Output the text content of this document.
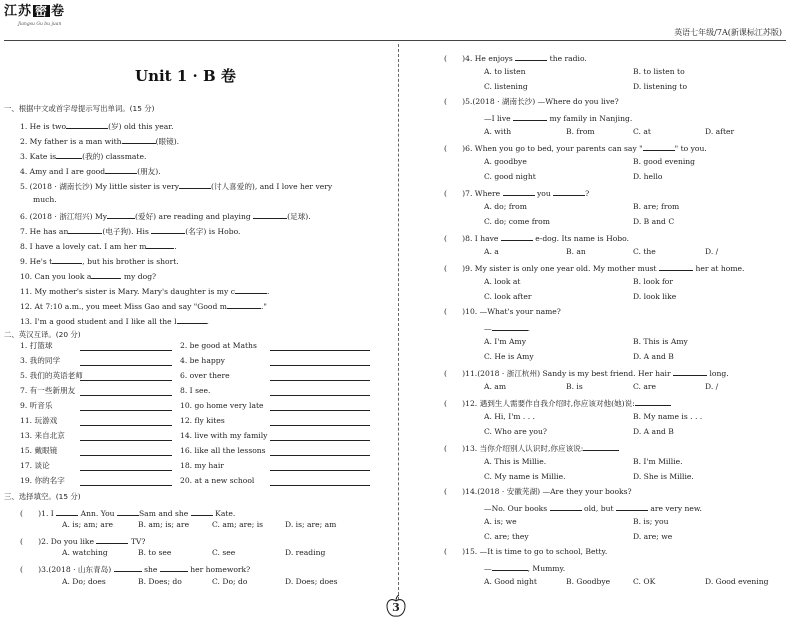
江苏 密 卷
Jiangsu Gu bu juan
英语七年级/7A(新课标江苏版)
Unit 1 · B 卷
一、根据中文或首字母提示写出单词。(15 分)
1. He is two	(岁) old this year.
2. My father is a man with	(眼镜).
3. Kate is	(我的) classmate.
4. Amy and I are good	(朋友).
5. (2018 · 湖南长沙) My little sister is very	(讨人喜爱的), and I love her very
much.
6. (2018 · 浙江绍兴) My	(爱好) are reading and playing	(足球).
7. He has an	(电子狗). His	(名字) is Hobo.
8. I have a lovely cat. I am her m	.
9. He's t	, but his brother is short.
10. Can you look a	my dog?
11. My mother's sister is Mary. Mary's daughter is my c	.
12. At 7:10 a.m., you meet Miss Gao and say "Good m	."
13. I'm a good student and I like all the l	.
二、英汉互译。(20 分)
1. 打篮球	2. be good at Maths
3. 我的同学	4. be happy
5. 我们的英语老师	6. over there
7. 有一些新朋友	8. I see.
9. 听音乐	10. go home very late
11. 玩游戏	12. fly kites
13. 来自北京	14. live with my family
15. 戴眼镜	16. like all the lessons
17. 谈论	18. my hair
19. 你的名字	20. at a new school
三、选择填空。(15 分)
(　　)1. I	Ann. You	Sam and she	Kate.
A. is; am; are	B. am; is; are	C. am; are; is	D. is; are; am
(　　)2. Do you like	TV?
A. watching	B. to see	C. see	D. reading
(　　)3.(2018 · 山东青岛)	she	her homework?
A. Do; does	B. Does; do	C. Do; do	D. Does; does
(　　)4. He enjoys	the radio.
A. to listen	B. to listen to
C. listening	D. listening to
(　　)5.(2018 · 湖南长沙) —Where do you live?
—I live	my family in Nanjing.
A. with	B. from	C. at	D. after
(　　)6. When you go to bed, your parents can say "	" to you.
A. goodbye	B. good evening
C. good night	D. hello
(　　)7. Where	you	?
A. do; from	B. are; from
C. do; come from	D. B and C
(　　)8. I have	e-dog. Its name is Hobo.
A. a	B. an	C. the	D. /
(　　)9. My sister is only one year old. My mother must	her at home.
A. look at	B. look for
C. look after	D. look like
(　　)10. —What's your name?
—	.
A. I'm Amy	B. This is Amy
C. He is Amy	D. A and B
(　　)11.(2018 · 浙江杭州) Sandy is my best friend. Her hair	long.
A. am	B. is	C. are	D. /
(　　)12. 遇到生人需要作自我介绍时,你应该对他(她)说:
A. Hi, I'm . . .	B. My name is . . .
C. Who are you?	D. A and B
(　　)13. 当你介绍别人认识时,你应该说:
A. This is Millie.	B. I'm Millie.
C. My name is Millie.	D. She is Millie.
(　　)14.(2018 · 安徽芜湖) —Are they your books?
—No. Our books	old, but	are very new.
A. is; we	B. is; you
C. are; they	D. are; we
(　　)15. —It is time to go to school, Betty.
—	, Mummy.
A. Good night	B. Goodbye	C. OK	D. Good evening
3
